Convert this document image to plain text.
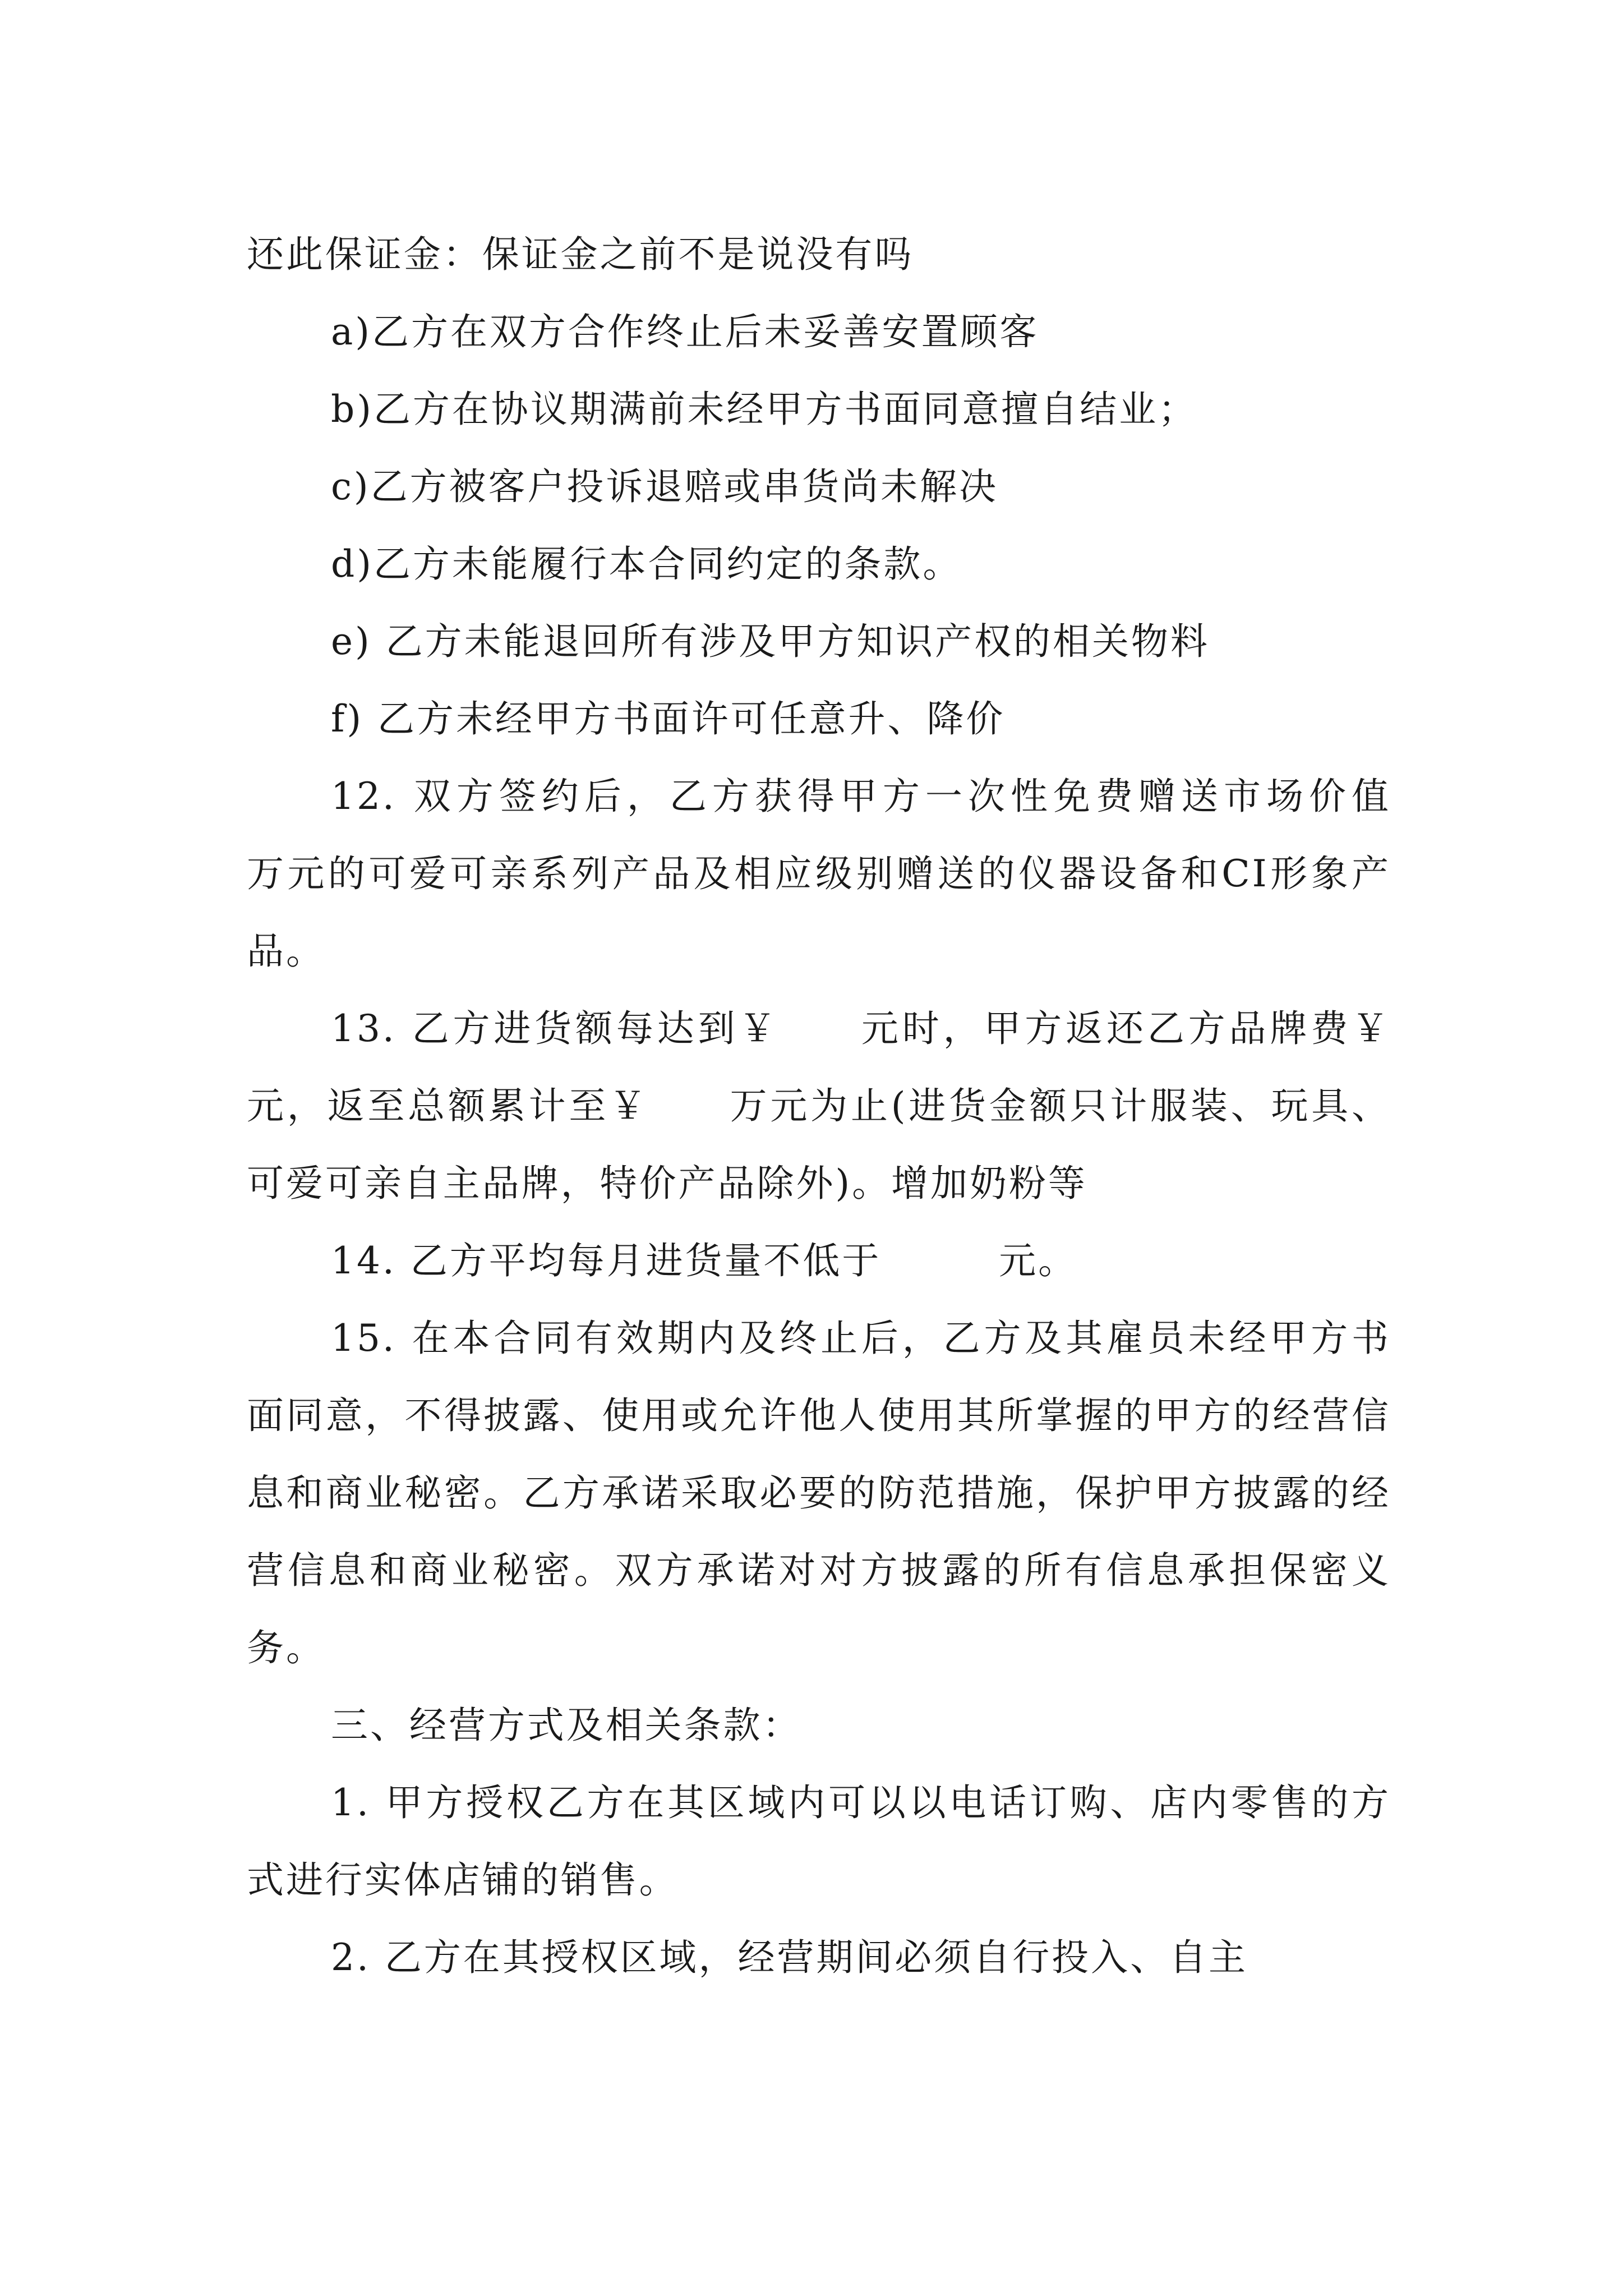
还此保证金：保证金之前不是说没有吗

a)乙方在双方合作终止后未妥善安置顾客

b)乙方在协议期满前未经甲方书面同意擅自结业；

c)乙方被客户投诉退赔或串货尚未解决

d)乙方未能履行本合同约定的条款。

e) 乙方未能退回所有涉及甲方知识产权的相关物料

f) 乙方未经甲方书面许可任意升、降价

12. 双方签约后，乙方获得甲方一次性免费赠送市场价值　　万元的可爱可亲系列产品及相应级别赠送的仪器设备和CI形象产品。

13. 乙方进货额每达到￥　　元时，甲方返还乙方品牌费￥　　元，返至总额累计至￥　　万元为止(进货金额只计服装、玩具、可爱可亲自主品牌，特价产品除外)。增加奶粉等

14. 乙方平均每月进货量不低于　　　元。

15. 在本合同有效期内及终止后，乙方及其雇员未经甲方书面同意，不得披露、使用或允许他人使用其所掌握的甲方的经营信息和商业秘密。乙方承诺采取必要的防范措施，保护甲方披露的经营信息和商业秘密。双方承诺对对方披露的所有信息承担保密义务。

三、经营方式及相关条款：

1. 甲方授权乙方在其区域内可以以电话订购、店内零售的方式进行实体店铺的销售。

2. 乙方在其授权区域，经营期间必须自行投入、自主
